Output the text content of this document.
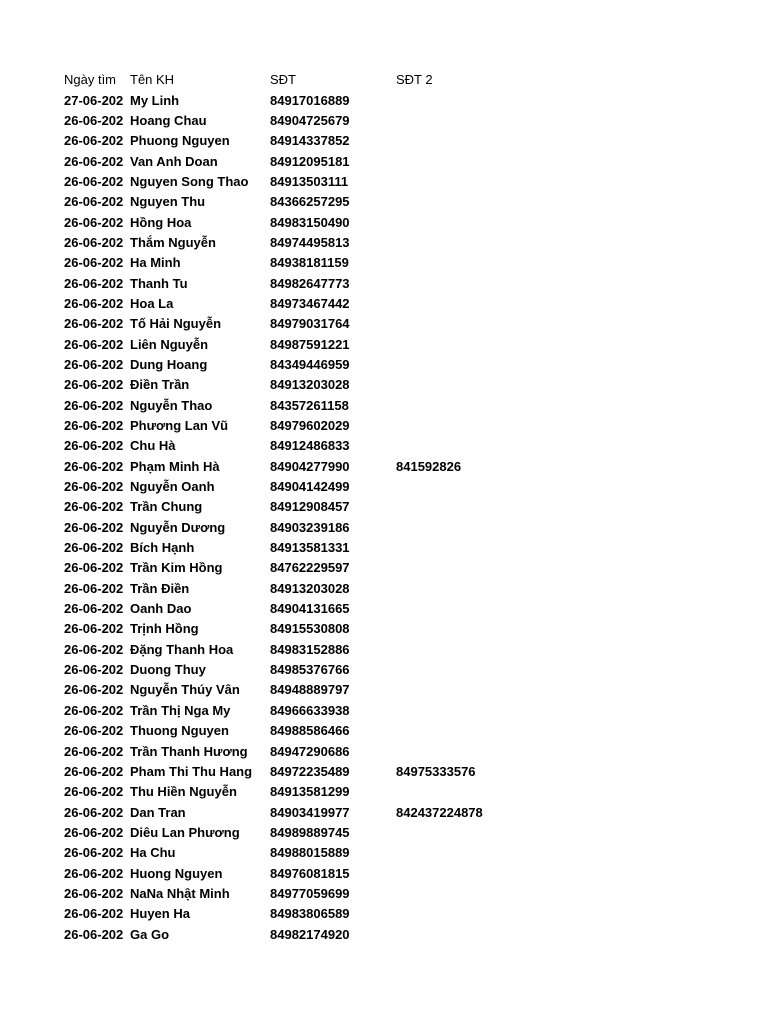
Ngày tìm	Tên KH	SĐT	SĐT 2
27-06-202	My Linh	84917016889	
26-06-202	Hoang Chau	84904725679	
26-06-202	Phuong Nguyen	84914337852	
26-06-202	Van Anh Doan	84912095181	
26-06-202	Nguyen Song Thao	84913503111	
26-06-202	Nguyen Thu	84366257295	
26-06-202	Hồng Hoa	84983150490	
26-06-202	Thắm Nguyễn	84974495813	
26-06-202	Ha Minh	84938181159	
26-06-202	Thanh Tu	84982647773	
26-06-202	Hoa La	84973467442	
26-06-202	Tố Hải Nguyễn	84979031764	
26-06-202	Liên Nguyễn	84987591221	
26-06-202	Dung Hoang	84349446959	
26-06-202	Điền Trần	84913203028	
26-06-202	Nguyễn Thao	84357261158	
26-06-202	Phương Lan Vũ	84979602029	
26-06-202	Chu Hà	84912486833	
26-06-202	Phạm Minh Hà	84904277990	841592826
26-06-202	Nguyễn Oanh	84904142499	
26-06-202	Trần Chung	84912908457	
26-06-202	Nguyễn Dương	84903239186	
26-06-202	Bích Hạnh	84913581331	
26-06-202	Trần Kim Hồng	84762229597	
26-06-202	Trần Điền	84913203028	
26-06-202	Oanh Dao	84904131665	
26-06-202	Trịnh Hồng	84915530808	
26-06-202	Đặng Thanh Hoa	84983152886	
26-06-202	Duong Thuy	84985376766	
26-06-202	Nguyễn Thúy Vân	84948889797	
26-06-202	Trần Thị Nga My	84966633938	
26-06-202	Thuong Nguyen	84988586466	
26-06-202	Trần Thanh Hương	84947290686	
26-06-202	Pham Thi Thu Hang	84972235489	84975333576
26-06-202	Thu Hiền Nguyễn	84913581299	
26-06-202	Dan Tran	84903419977	842437224878
26-06-202	Diêu Lan Phương	84989889745	
26-06-202	Ha Chu	84988015889	
26-06-202	Huong Nguyen	84976081815	
26-06-202	NaNa Nhật Minh	84977059699	
26-06-202	Huyen Ha	84983806589	
26-06-202	Ga Go	84982174920	
